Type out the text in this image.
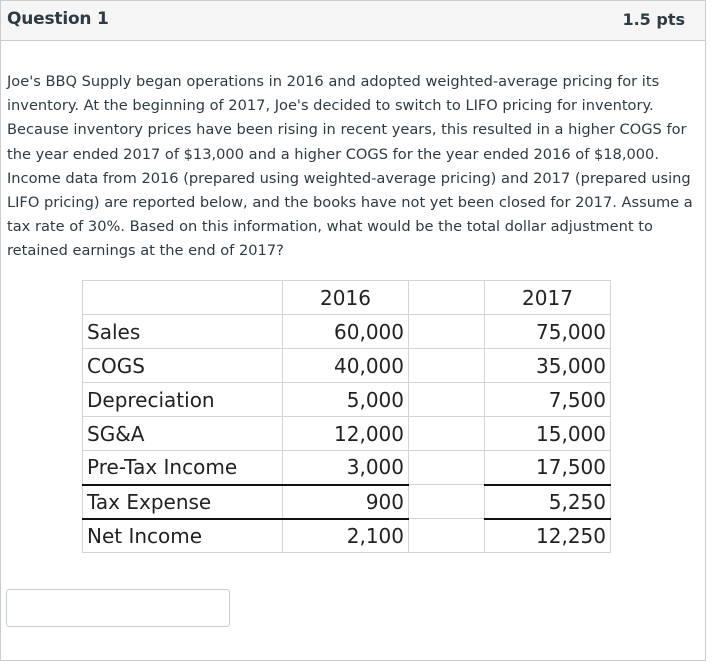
Question 1	1.5 pts

Joe's BBQ Supply began operations in 2016 and adopted weighted-average pricing for its inventory. At the beginning of 2017, Joe's decided to switch to LIFO pricing for inventory. Because inventory prices have been rising in recent years, this resulted in a higher COGS for the year ended 2017 of $13,000 and a higher COGS for the year ended 2016 of $18,000. Income data from 2016 (prepared using weighted-average pricing) and 2017 (prepared using LIFO pricing) are reported below, and the books have not yet been closed for 2017. Assume a tax rate of 30%. Based on this information, what would be the total dollar adjustment to retained earnings at the end of 2017?

	2016		2017
Sales	60,000		75,000
COGS	40,000		35,000
Depreciation	5,000		7,500
SG&A	12,000		15,000
Pre-Tax Income	3,000		17,500
Tax Expense	900		5,250
Net Income	2,100		12,250
